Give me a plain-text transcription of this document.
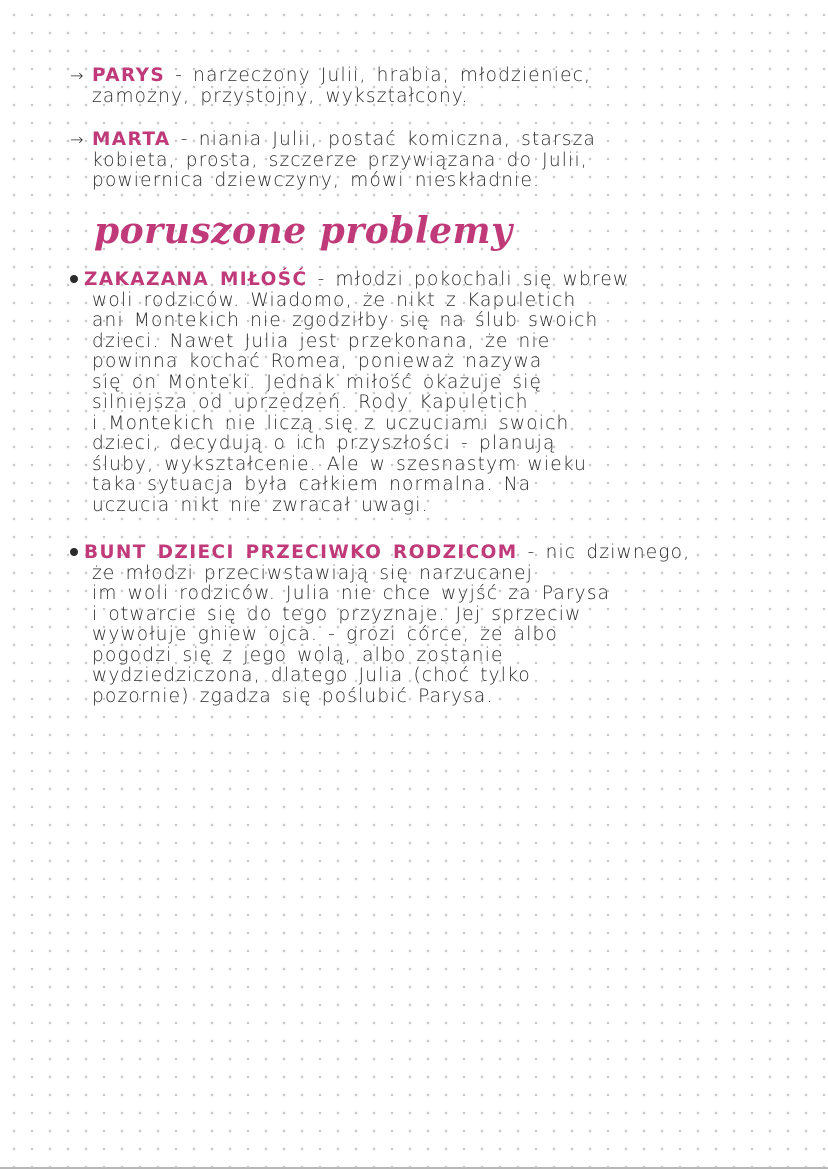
→ PARYS - narzeczony Julii, hrabia, młodzieniec,
zamożny, przystojny, wykształcony.
→ MARTA - niania Julii, postać komiczna, starsza
kobieta, prosta, szczerze przywiązana do Julii,
powiernica dziewczyny, mówi nieskładnie.
poruszone problemy
ZAKAZANA MIŁOŚĆ - młodzi pokochali się wbrew
woli rodziców. Wiadomo, że nikt z Kapuletich
ani Montekich nie zgodziłby się na ślub swoich
dzieci. Nawet Julia jest przekonana, że nie
powinna kochać Romea, ponieważ nazywa
się on Monteki. Jednak miłość okazuje się
silniejsza od uprzedzeń. Rody Kapuletich
i Montekich nie liczą się z uczuciami swoich
dzieci, decydują o ich przyszłości - planują
śluby, wykształcenie. Ale w szesnastym wieku
taka sytuacja była całkiem normalna. Na
uczucia nikt nie zwracał uwagi.
BUNT DZIECI PRZECIWKO RODZICOM - nic dziwnego,
że młodzi przeciwstawiają się narzucanej
im woli rodziców. Julia nie chce wyjść za Parysa
i otwarcie się do tego przyznaje. Jej sprzeciw
wywołuje gniew ojca. - grozi córce, że albo
pogodzi się z jego wolą, albo zostanie
wydziedziczona, dlatego Julia (choć tylko
pozornie) zgadza się poślubić Parysa.
